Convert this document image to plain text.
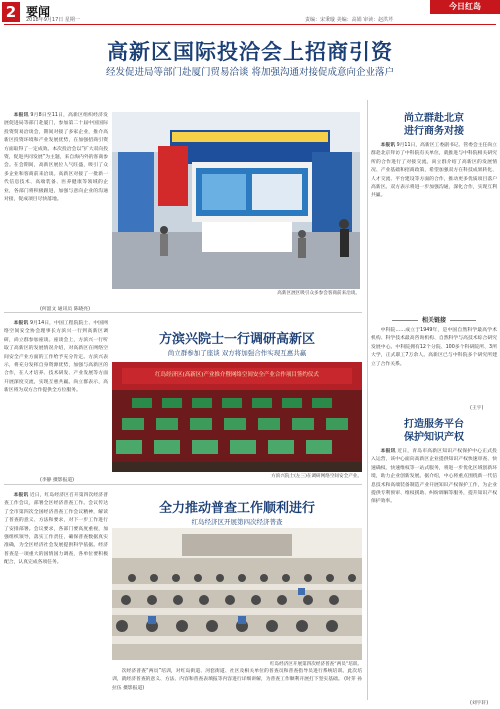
2 要闻
2018年9月17日 星期一	责编：宋秉璇 美编：高娟 审读：赵洪芹
今日红岛
高新区国际投洽会上招商引资
经发促进局等部门赴厦门贸易洽谈 将加强沟通对接促成意向企业落户

本报讯 9月8日至11日，高新区组织经济发展促进局等部门赴厦门，参加第二十届中国国际投资贸易洽谈会，期间对接了多家企业，推介高新区投资环境和产业发展优势，在加强招商引资方面取得了一定成效。本次投洽会以“扩大双向投资，促进共同发展”为主题，来自海内外的客商参会。在会期间，高新区展位人气旺盛，吸引了众多企业和客商前来洽谈。高新区对接了一批新一代信息技术、高端装备、医养健康等领域的企业，各部门将积极跟进，加强与意向企业的沟通对接，促成项目尽快落地。

(何韶文 通讯员 陈晓亮)
高新区展区吸引众多参会客商前来洽谈。
尚立群赴北京
进行商务对接

本报讯 9月11日，高新区工委副书记、管委会主任尚立群赴北京拜访了中科院有关单位，就推进与中科院相关研究所的合作进行了对接交流。尚立群介绍了高新区的发展情况、产业基础和招商政策，希望加强双方在科技成果转化、人才交流、平台建设等方面的合作，推动更多优质项目落户高新区。双方表示将进一步加强沟通，深化合作，实现互利共赢。

相关链接

中科院……成立于1949年，是中国自然科学最高学术机构、科学技术最高咨询机构、自然科学与高技术综合研究发展中心。中科院拥有12个分院、100多个科研院所、3所大学，正式职工7万余人。高新区已与中科院多个研究所建立了合作关系。

(王宇)
打造服务平台
保护知识产权

本报讯 近日，青岛市高新区知识产权保护中心正式投入运营，该中心面向高新区企业提供知识产权快速审查、快速确权、快速维权等一站式服务，将进一步优化区域创新环境，助力企业创新发展。据介绍，中心将重点围绕新一代信息技术和高端装备制造产业开展知识产权保护工作，为企业提供专利预审、维权援助、纠纷调解等服务，提升知识产权保护效率。

(刘宇轩)

本报讯 9月14日，中国工程院院士、中国网络空间安全协会理事长方滨兴一行到高新区调研，尚立群参加座谈。座谈会上，方滨兴一行听取了高新区的发展情况介绍，对高新区在网络空间安全产业方面的工作给予充分肯定。方滨兴表示，将充分发挥自身资源优势，加强与高新区的合作，在人才培养、技术研发、产业发展等方面开展深度交流，实现互惠共赢。尚立群表示，高新区将为双方合作提供全方位服务。

(李静 摄影报道)
方滨兴院士一行调研高新区
尚立群参加了座谈 双方将加强合作实现互惠共赢
红岛经济区(高新区)产业推介暨网络空间安全产业合作项目签约仪式
方滨兴院士(左三)在调研网络空间安全产业。

本报讯 近日，红岛经济区召开第四次经济普查工作会议，部署全区经济普查工作。会议传达了全市第四次全国经济普查工作会议精神，解读了普查的意义、方法和要求，对下一步工作进行了安排部署。会议要求，各部门要高度重视，加强组织领导，落实工作责任，确保普查数据真实准确，为全区经济社会发展提供科学依据。经济普查是一项重大的国情国力调查，各单位要积极配合，认真完成各项任务。

全力推动普查工作顺利进行
红岛经济区开展第四次经济普查
红岛经济区开展第四次经济普查“两员”培训。

次经济普查“两员”培训，对红岛街道、河套街道、社区及相关单位的普查员和普查指导员进行系统培训。此次培训，就经济普查的意义、方法、内容和普查表填报等内容进行详细讲解，为普查工作顺利开展打下坚实基础。 (时芽 孙拉伍 摄影报道)
